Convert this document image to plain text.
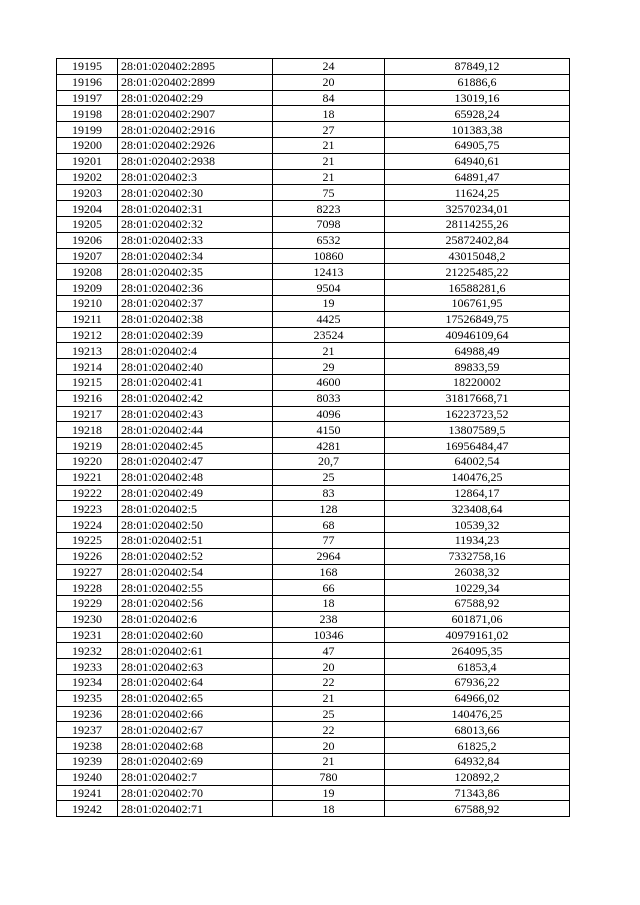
19195	28:01:020402:2895	24	87849,12
19196	28:01:020402:2899	20	61886,6
19197	28:01:020402:29	84	13019,16
19198	28:01:020402:2907	18	65928,24
19199	28:01:020402:2916	27	101383,38
19200	28:01:020402:2926	21	64905,75
19201	28:01:020402:2938	21	64940,61
19202	28:01:020402:3	21	64891,47
19203	28:01:020402:30	75	11624,25
19204	28:01:020402:31	8223	32570234,01
19205	28:01:020402:32	7098	28114255,26
19206	28:01:020402:33	6532	25872402,84
19207	28:01:020402:34	10860	43015048,2
19208	28:01:020402:35	12413	21225485,22
19209	28:01:020402:36	9504	16588281,6
19210	28:01:020402:37	19	106761,95
19211	28:01:020402:38	4425	17526849,75
19212	28:01:020402:39	23524	40946109,64
19213	28:01:020402:4	21	64988,49
19214	28:01:020402:40	29	89833,59
19215	28:01:020402:41	4600	18220002
19216	28:01:020402:42	8033	31817668,71
19217	28:01:020402:43	4096	16223723,52
19218	28:01:020402:44	4150	13807589,5
19219	28:01:020402:45	4281	16956484,47
19220	28:01:020402:47	20,7	64002,54
19221	28:01:020402:48	25	140476,25
19222	28:01:020402:49	83	12864,17
19223	28:01:020402:5	128	323408,64
19224	28:01:020402:50	68	10539,32
19225	28:01:020402:51	77	11934,23
19226	28:01:020402:52	2964	7332758,16
19227	28:01:020402:54	168	26038,32
19228	28:01:020402:55	66	10229,34
19229	28:01:020402:56	18	67588,92
19230	28:01:020402:6	238	601871,06
19231	28:01:020402:60	10346	40979161,02
19232	28:01:020402:61	47	264095,35
19233	28:01:020402:63	20	61853,4
19234	28:01:020402:64	22	67936,22
19235	28:01:020402:65	21	64966,02
19236	28:01:020402:66	25	140476,25
19237	28:01:020402:67	22	68013,66
19238	28:01:020402:68	20	61825,2
19239	28:01:020402:69	21	64932,84
19240	28:01:020402:7	780	120892,2
19241	28:01:020402:70	19	71343,86
19242	28:01:020402:71	18	67588,92
